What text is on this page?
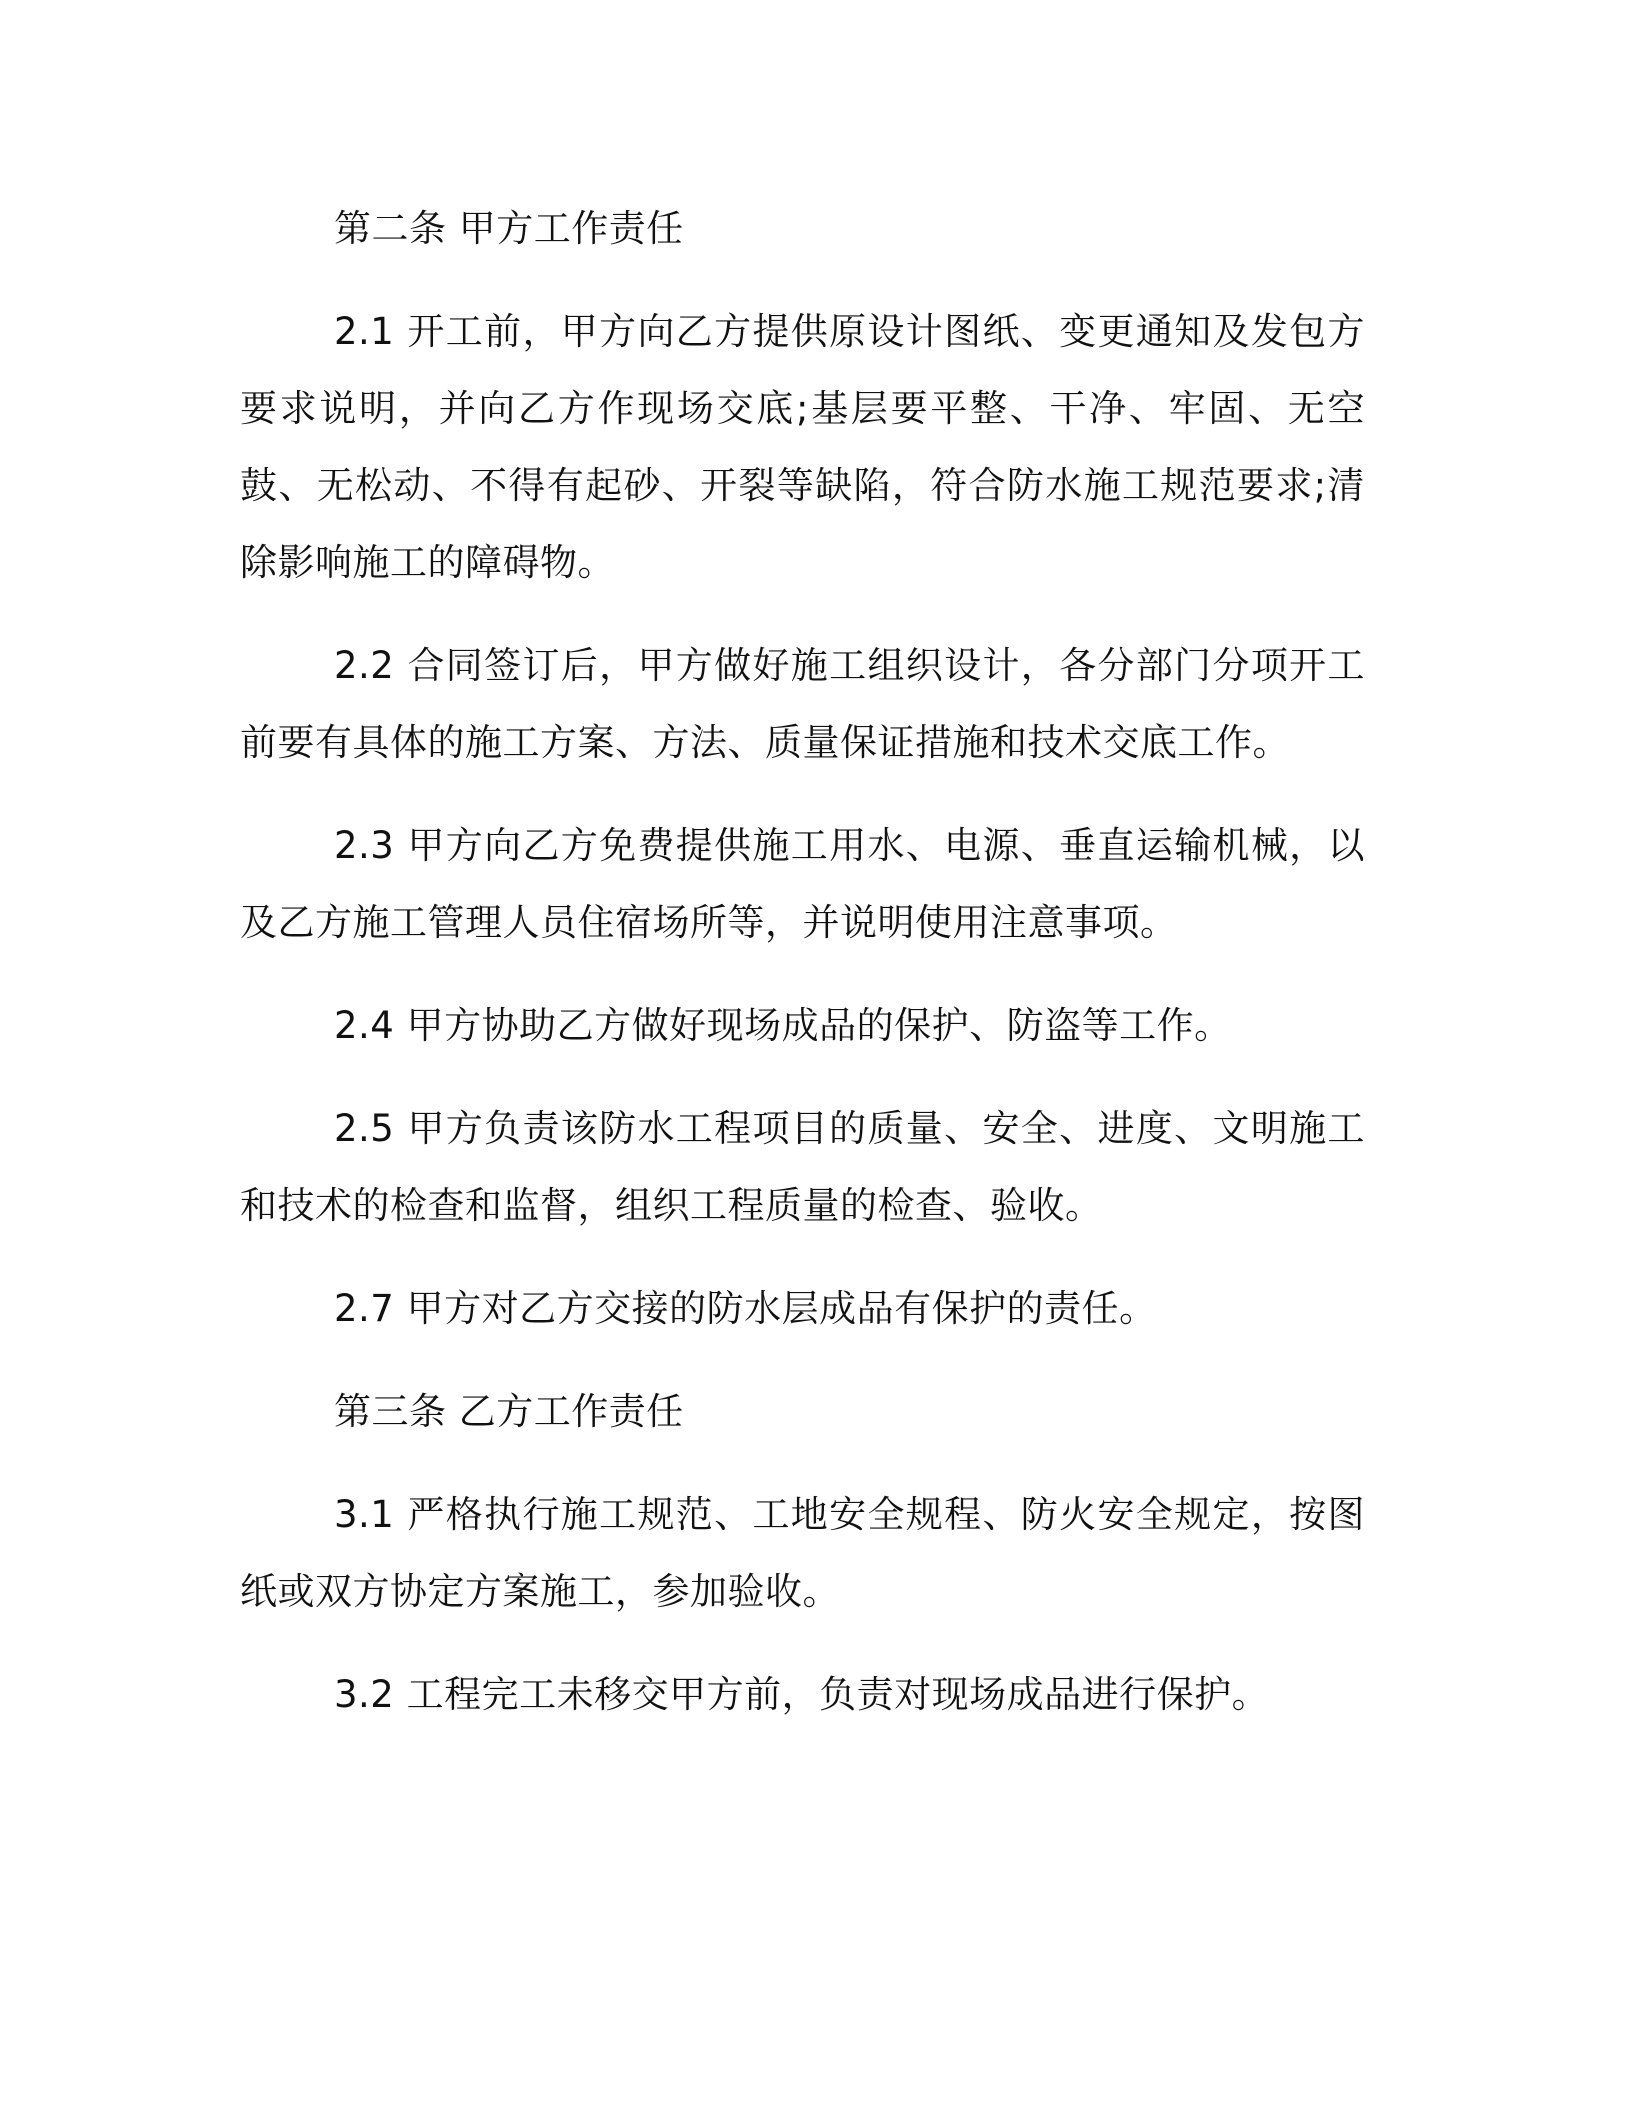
第二条 甲方工作责任

2.1 开工前，甲方向乙方提供原设计图纸、变更通知及发包方要求说明，并向乙方作现场交底;基层要平整、干净、牢固、无空鼓、无松动、不得有起砂、开裂等缺陷，符合防水施工规范要求;清除影响施工的障碍物。

2.2 合同签订后，甲方做好施工组织设计，各分部门分项开工前要有具体的施工方案、方法、质量保证措施和技术交底工作。

2.3 甲方向乙方免费提供施工用水、电源、垂直运输机械，以及乙方施工管理人员住宿场所等，并说明使用注意事项。

2.4 甲方协助乙方做好现场成品的保护、防盗等工作。

2.5 甲方负责该防水工程项目的质量、安全、进度、文明施工和技术的检查和监督，组织工程质量的检查、验收。

2.7 甲方对乙方交接的防水层成品有保护的责任。

第三条 乙方工作责任

3.1 严格执行施工规范、工地安全规程、防火安全规定，按图纸或双方协定方案施工，参加验收。

3.2 工程完工未移交甲方前，负责对现场成品进行保护。
